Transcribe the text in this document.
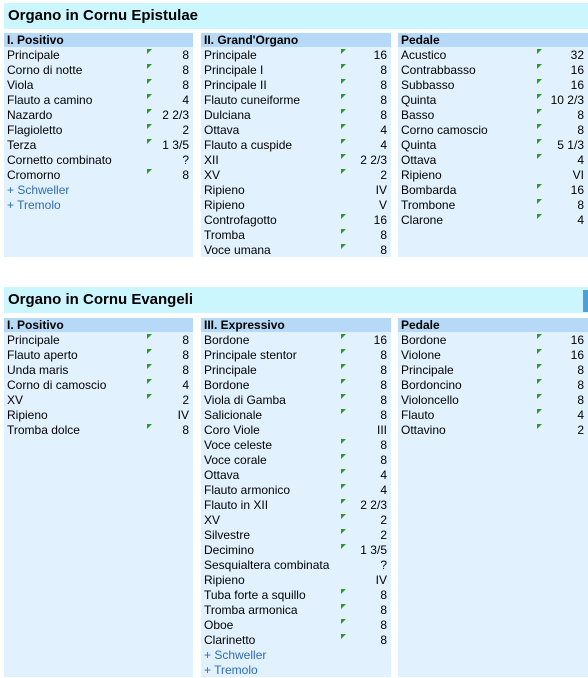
Organo in Cornu Epistulae
I. Positivo
Principale	8
Corno di notte	8
Viola	8
Flauto a camino	4
Nazardo	2 2/3
Flagioletto	2
Terza	1 3/5
Cornetto combinato	?
Cromorno	8
+ Schweller
+ Tremolo
II. Grand'Organo
Principale	16
Principale I	8
Principale II	8
Flauto cuneiforme	8
Dulciana	8
Ottava	4
Flauto a cuspide	4
XII	2 2/3
XV	2
Ripieno	IV
Ripieno	V
Controfagotto	16
Tromba	8
Voce umana	8
Pedale
Acustico	32
Contrabbasso	16
Subbasso	16
Quinta	10 2/3
Basso	8
Corno camoscio	8
Quinta	5 1/3
Ottava	4
Ripieno	VI
Bombarda	16
Trombone	8
Clarone	4
Organo in Cornu Evangeli
I. Positivo
Principale	8
Flauto aperto	8
Unda maris	8
Corno di camoscio	4
XV	2
Ripieno	IV
Tromba dolce	8
III. Expressivo
Bordone	16
Principale stentor	8
Principale	8
Bordone	8
Viola di Gamba	8
Salicionale	8
Coro Viole	III
Voce celeste	8
Voce corale	8
Ottava	4
Flauto armonico	4
Flauto in XII	2 2/3
XV	2
Silvestre	2
Decimino	1 3/5
Sesquialtera combinata	?
Ripieno	IV
Tuba forte a squillo	8
Tromba armonica	8
Oboe	8
Clarinetto	8
+ Schweller
+ Tremolo
Pedale
Bordone	16
Violone	16
Principale	8
Bordoncino	8
Violoncello	8
Flauto	4
Ottavino	2
